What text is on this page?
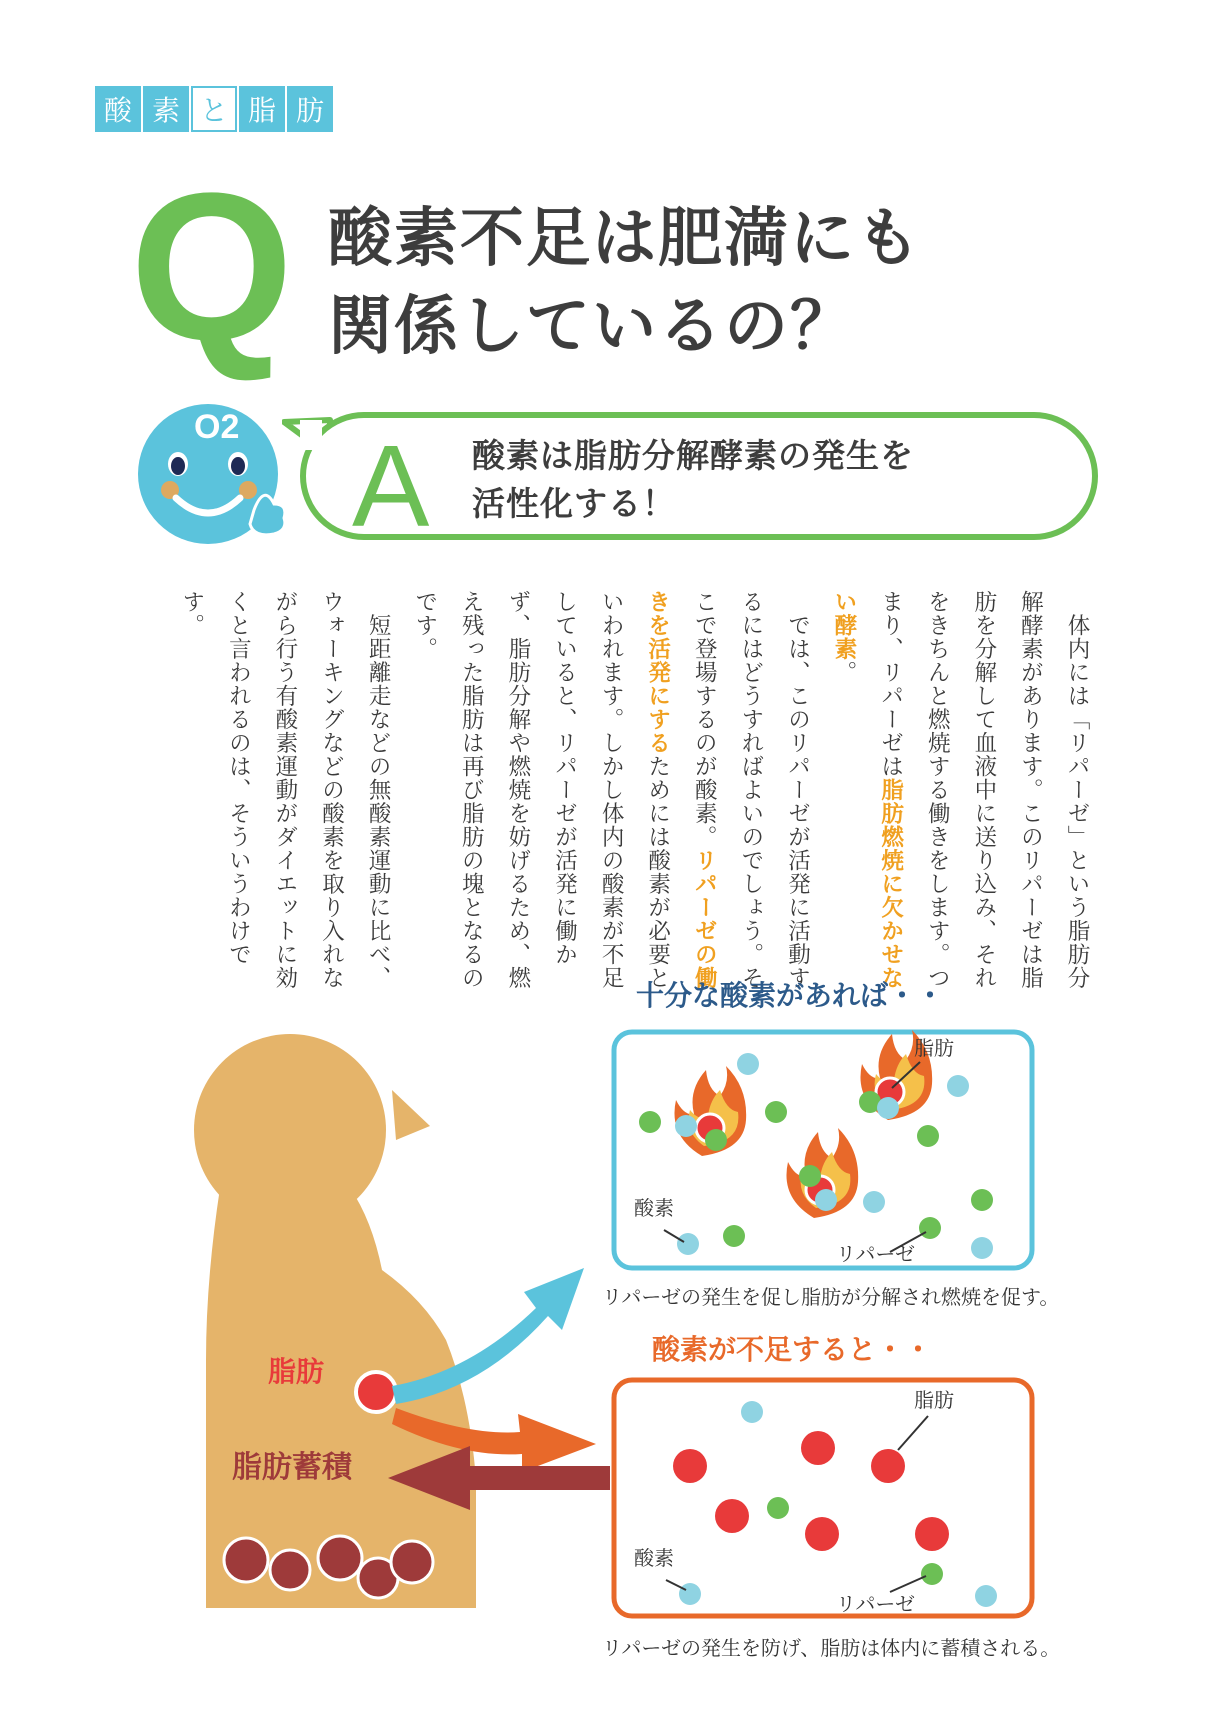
酸 素 と 脂 肪
Q 酸素不足は肥満にも
関係しているの？
A 酸素は脂肪分解酵素の発生を
活性化する！
O2

　体内には「リパーゼ」という脂肪分解酵素があります。このリパーゼは脂肪を分解して血液中に送り込み、それをきちんと燃焼する働きをします。つまり、リパーゼは脂肪燃焼に欠かせない酵素。

　では、このリパーゼが活発に活動するにはどうすればよいのでしょう。そこで登場するのが酸素。リパーゼの働きを活発にするためには酸素が必要といわれます。しかし体内の酸素が不足していると、リパーゼが活発に働かず、脂肪分解や燃焼を妨げるため、燃え残った脂肪は再び脂肪の塊となるのです。

　短距離走などの無酸素運動に比べ、ウォーキングなどの酸素を取り入れながら行う有酸素運動がダイエットに効くと言われるのは、そういうわけです。

十分な酸素があれば・・
脂肪
酸素
リパーゼ
リパーゼの発生を促し脂肪が分解され燃焼を促す。
酸素が不足すると・・
脂肪
酸素
リパーゼ
リパーゼの発生を防げ、脂肪は体内に蓄積される。
脂肪
脂肪蓄積
